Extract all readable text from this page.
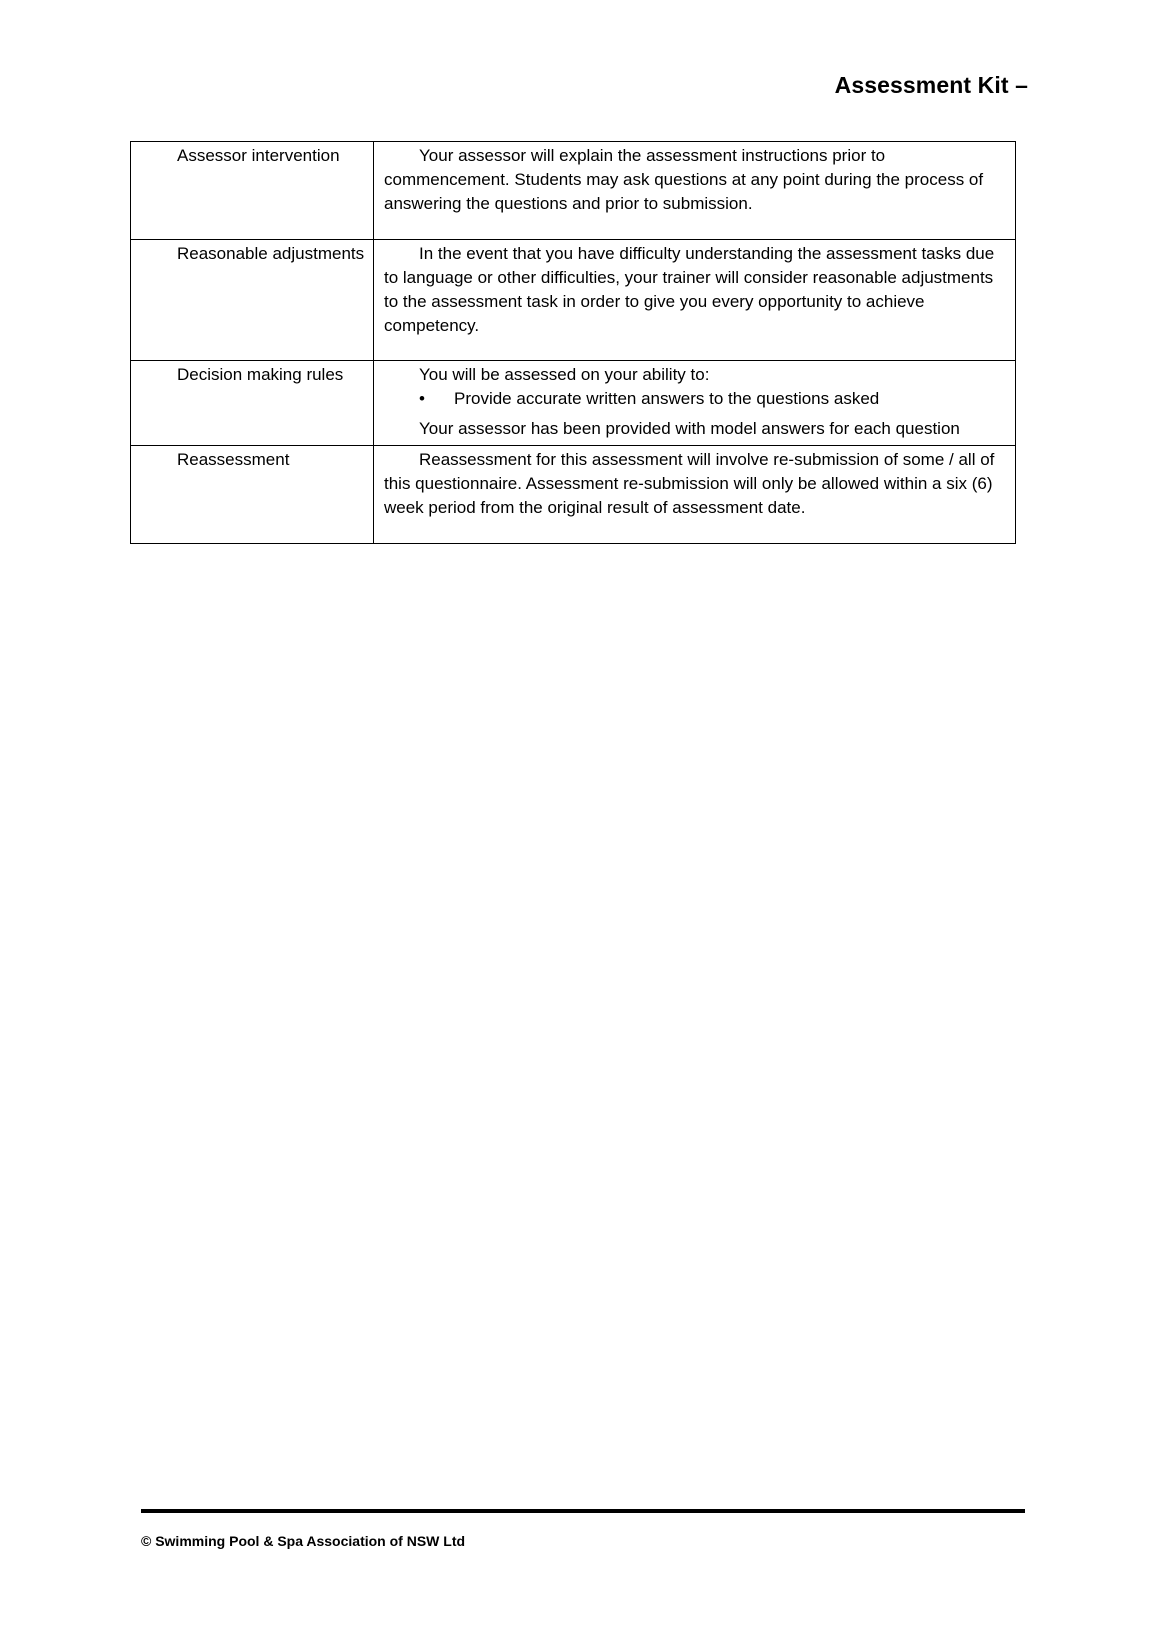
Assessment Kit –
Assessor intervention	Your assessor will explain the assessment instructions prior to commencement. Students may ask questions at any point during the process of answering the questions and prior to submission.

Reasonable adjustments	In the event that you have difficulty understanding the assessment tasks due to language or other difficulties, your trainer will consider reasonable adjustments to the assessment task in order to give you every opportunity to achieve competency.

Decision making rules	You will be assessed on your ability to:

• Provide accurate written answers to the questions asked

Your assessor has been provided with model answers for each question

Reassessment	Reassessment for this assessment will involve re-submission of some / all of this questionnaire. Assessment re-submission will only be allowed within a six (6) week period from the original result of assessment date.

© Swimming Pool & Spa Association of NSW Ltd
